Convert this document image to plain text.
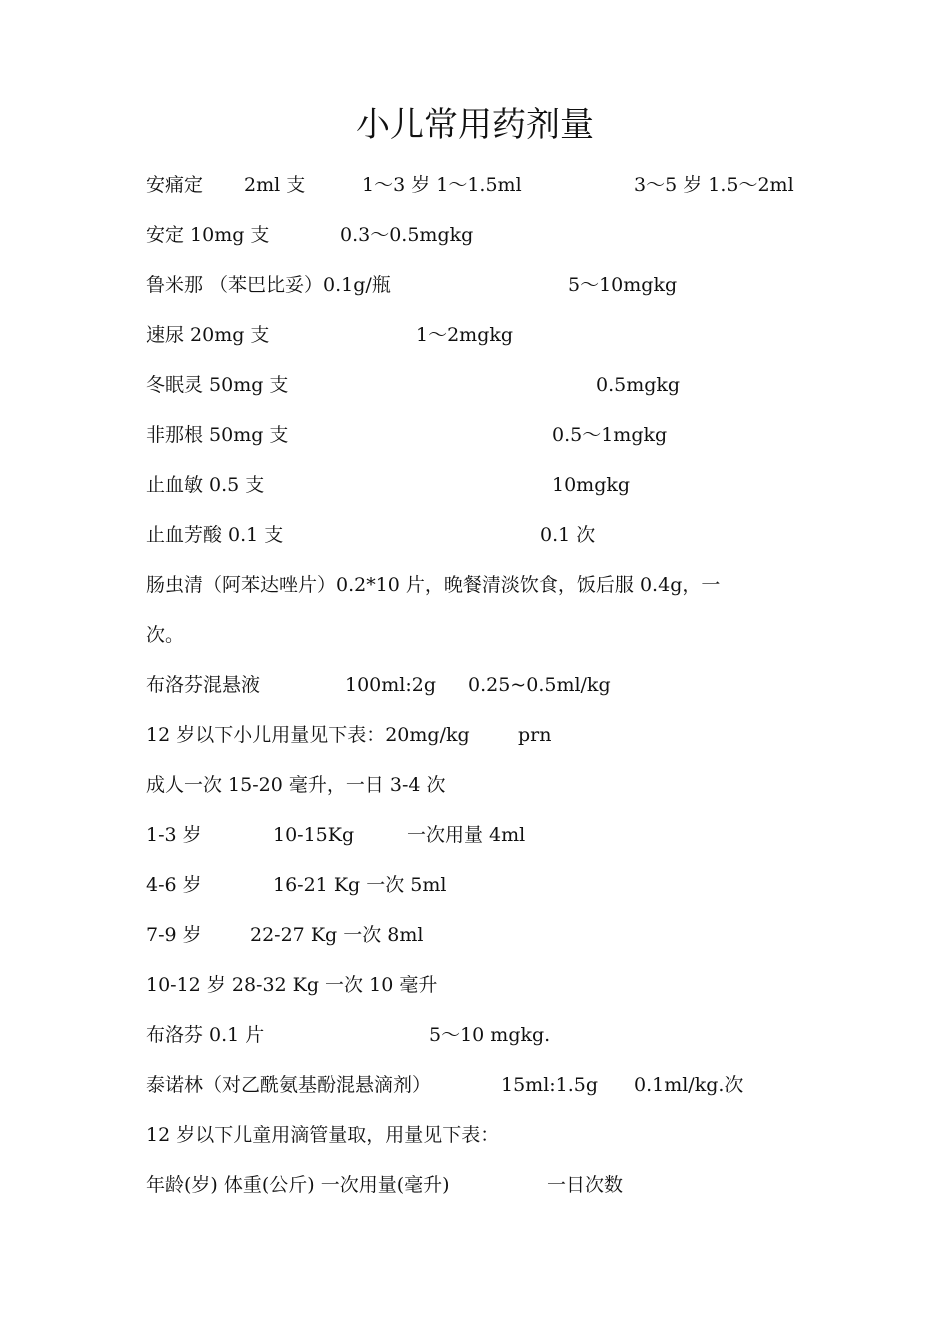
小儿常用药剂量
安痛定 2ml 支	1～3 岁 1～1.5ml	3～5 岁 1.5～2ml
安定 10mg 支	0.3～0.5mgkg
鲁米那 （苯巴比妥）0.1g/瓶	5～10mgkg
速尿 20mg 支	1～2mgkg
冬眠灵 50mg 支	0.5mgkg
非那根 50mg 支	0.5～1mgkg
止血敏 0.5 支	10mgkg
止血芳酸 0.1 支	0.1 次
肠虫清（阿苯达唑片）0.2*10 片，晚餐清淡饮食，饭后服 0.4g，一
次。
布洛芬混悬液	100ml:2g 0.25~0.5ml/kg
12 岁以下小儿用量见下表：20mg/kg	prn
成人一次 15-20 毫升，一日 3-4 次
1-3 岁	10-15Kg	一次用量 4ml
4-6 岁	16-21 Kg 一次 5ml
7-9 岁	22-27 Kg 一次 8ml
10-12 岁 28-32 Kg 一次 10 毫升
布洛芬 0.1 片	5～10 mgkg.
泰诺林（对乙酰氨基酚混悬滴剂）	15ml:1.5g 0.1ml/kg.次
12 岁以下儿童用滴管量取，用量见下表：
年龄(岁) 体重(公斤) 一次用量(毫升)	一日次数
